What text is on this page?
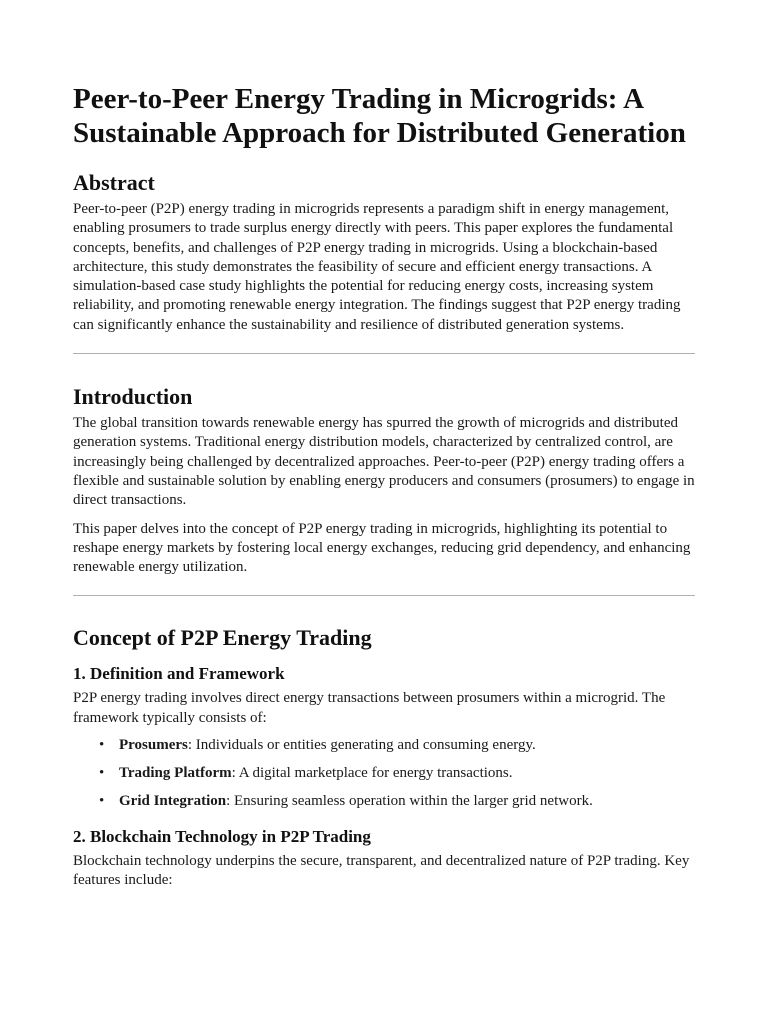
Peer-to-Peer Energy Trading in Microgrids: A Sustainable Approach for Distributed Generation
Abstract

Peer-to-peer (P2P) energy trading in microgrids represents a paradigm shift in energy management, enabling prosumers to trade surplus energy directly with peers. This paper explores the fundamental concepts, benefits, and challenges of P2P energy trading in microgrids. Using a blockchain-based architecture, this study demonstrates the feasibility of secure and efficient energy transactions. A simulation-based case study highlights the potential for reducing energy costs, increasing system reliability, and promoting renewable energy integration. The findings suggest that P2P energy trading can significantly enhance the sustainability and resilience of distributed generation systems.

Introduction

The global transition towards renewable energy has spurred the growth of microgrids and distributed generation systems. Traditional energy distribution models, characterized by centralized control, are increasingly being challenged by decentralized approaches. Peer-to-peer (P2P) energy trading offers a flexible and sustainable solution by enabling energy producers and consumers (prosumers) to engage in direct transactions.

This paper delves into the concept of P2P energy trading in microgrids, highlighting its potential to reshape energy markets by fostering local energy exchanges, reducing grid dependency, and enhancing renewable energy utilization.

Concept of P2P Energy Trading
1. Definition and Framework

P2P energy trading involves direct energy transactions between prosumers within a microgrid. The framework typically consists of:

• Prosumers: Individuals or entities generating and consuming energy.
• Trading Platform: A digital marketplace for energy transactions.
• Grid Integration: Ensuring seamless operation within the larger grid network.
2. Blockchain Technology in P2P Trading

Blockchain technology underpins the secure, transparent, and decentralized nature of P2P trading. Key features include:
